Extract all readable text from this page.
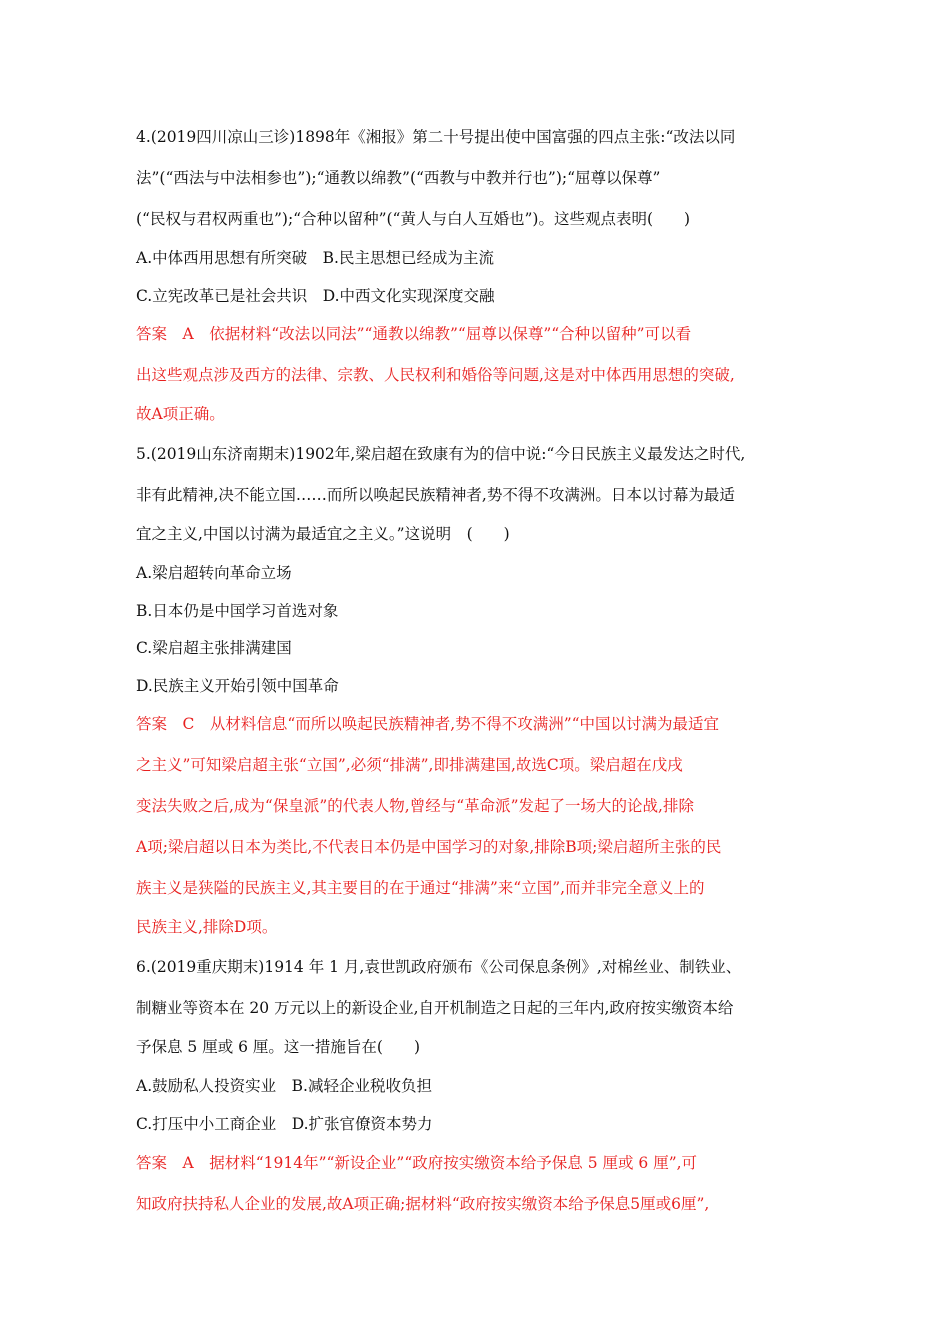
4.(2019四川凉山三诊)1898年《湘报》第二十号提出使中国富强的四点主张:“改法以同
法”(“西法与中法相参也”);“通教以绵教”(“西教与中教并行也”);“屈尊以保尊”
(“民权与君权两重也”);“合种以留种”(“黄人与白人互婚也”)。这些观点表明(　　)
A.中体西用思想有所突破　B.民主思想已经成为主流
C.立宪改革已是社会共识　D.中西文化实现深度交融
答案　A　依据材料“改法以同法”“通教以绵教”“屈尊以保尊”“合种以留种”可以看
出这些观点涉及西方的法律、宗教、人民权利和婚俗等问题,这是对中体西用思想的突破,
故A项正确。
5.(2019山东济南期末)1902年,梁启超在致康有为的信中说:“今日民族主义最发达之时代,
非有此精神,决不能立国……而所以唤起民族精神者,势不得不攻满洲。日本以讨幕为最适
宜之主义,中国以讨满为最适宜之主义。”这说明　(　　)
A.梁启超转向革命立场
B.日本仍是中国学习首选对象
C.梁启超主张排满建国
D.民族主义开始引领中国革命
答案　C　从材料信息“而所以唤起民族精神者,势不得不攻满洲”“中国以讨满为最适宜
之主义”可知梁启超主张“立国”,必须“排满”,即排满建国,故选C项。梁启超在戊戌
变法失败之后,成为“保皇派”的代表人物,曾经与“革命派”发起了一场大的论战,排除
A项;梁启超以日本为类比,不代表日本仍是中国学习的对象,排除B项;梁启超所主张的民
族主义是狭隘的民族主义,其主要目的在于通过“排满”来“立国”,而并非完全意义上的
民族主义,排除D项。
6.(2019重庆期末)1914 年 1 月,袁世凯政府颁布《公司保息条例》,对棉丝业、制铁业、
制糖业等资本在 20 万元以上的新设企业,自开机制造之日起的三年内,政府按实缴资本给
予保息 5 厘或 6 厘。这一措施旨在(　　)
A.鼓励私人投资实业　B.减轻企业税收负担
C.打压中小工商企业　D.扩张官僚资本势力
答案　A　据材料“1914年”“新设企业”“政府按实缴资本给予保息 5 厘或 6 厘”,可
知政府扶持私人企业的发展,故A项正确;据材料“政府按实缴资本给予保息5厘或6厘”,
